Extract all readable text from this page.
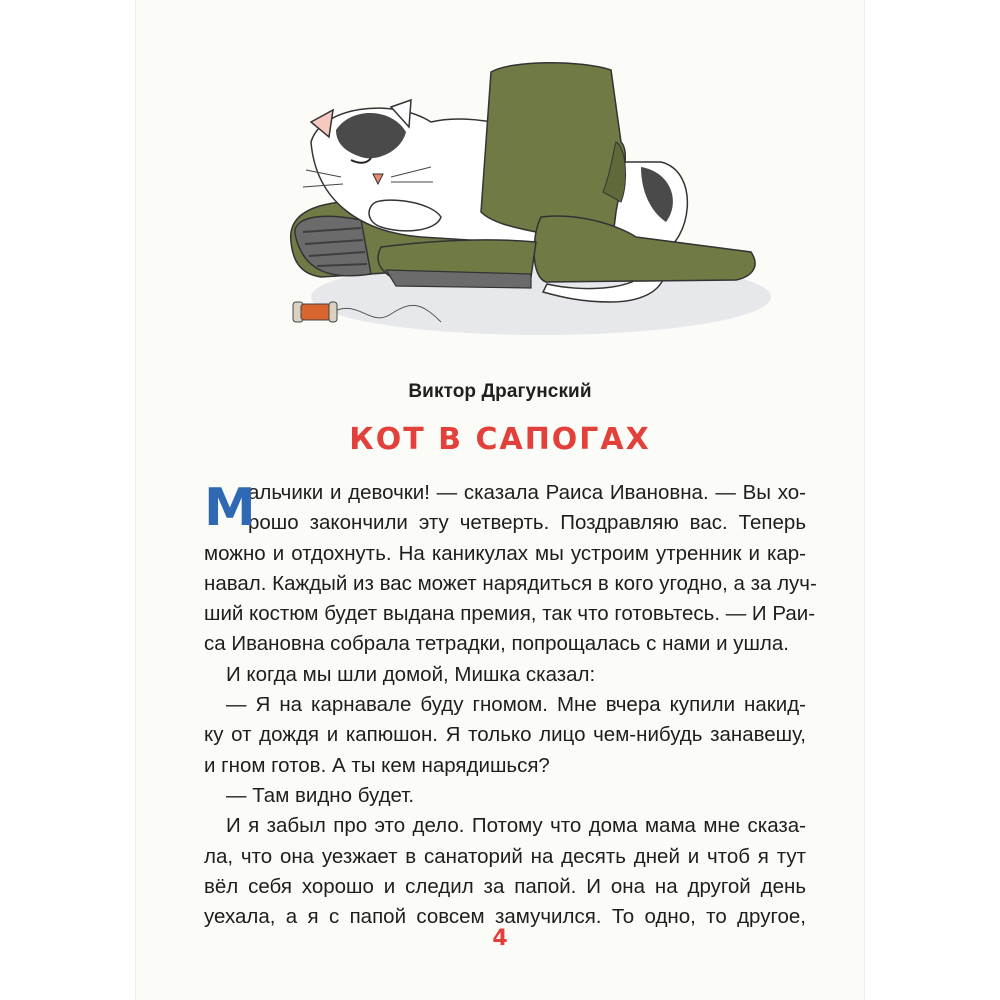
Виктор Драгунский
КОТ В САПОГАХ
М
альчики и девочки! — сказала Раиса Ивановна. — Вы хо-
рошо закончили эту четверть. Поздравляю вас. Теперь
можно и отдохнуть. На каникулах мы устроим утренник и кар-
навал. Каждый из вас может нарядиться в кого угодно, а за луч-
ший костюм будет выдана премия, так что готовьтесь. — И Раи-
са Ивановна собрала тетрадки, попрощалась с нами и ушла.
И когда мы шли домой, Мишка сказал:
— Я на карнавале буду гномом. Мне вчера купили накид-
ку от дождя и капюшон. Я только лицо чем-нибудь занавешу,
и гном готов. А ты кем нарядишься?
— Там видно будет.
И я забыл про это дело. Потому что дома мама мне сказа-
ла, что она уезжает в санаторий на десять дней и чтоб я тут
вёл себя хорошо и следил за папой. И она на другой день
уехала, а я с папой совсем замучился. То одно, то другое,
4
